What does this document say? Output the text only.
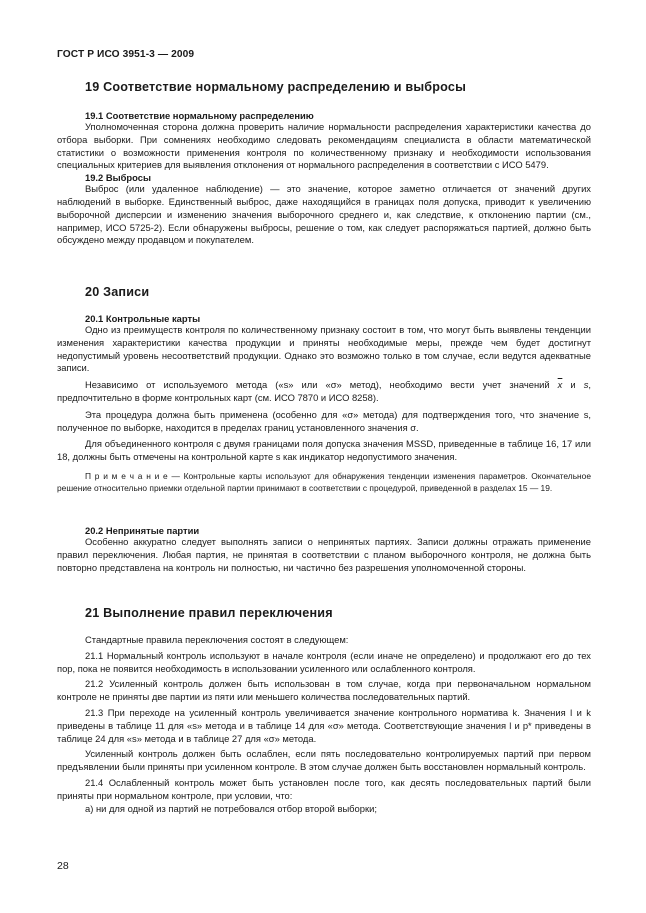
ГОСТ Р ИСО 3951-3 — 2009
19 Соответствие нормальному распределению и выбросы
19.1 Соответствие нормальному распределению

Уполномоченная сторона должна проверить наличие нормальности распределения характеристики качества до отбора выборки. При сомнениях необходимо следовать рекомендациям специалиста в области математической статистики о возможности применения контроля по количественному признаку и необходимости использования специальных критериев для выявления отклонения от нормального распределения в соответствии с ИСО 5479.

19.2 Выбросы

Выброс (или удаленное наблюдение) — это значение, которое заметно отличается от значений других наблюдений в выборке. Единственный выброс, даже находящийся в границах поля допуска, приводит к увеличению выборочной дисперсии и изменению значения выборочного среднего и, как следствие, к отклонению партии (см., например, ИСО 5725-2). Если обнаружены выбросы, решение о том, как следует распоряжаться партией, должно быть обсуждено между продавцом и покупателем.

20 Записи
20.1 Контрольные карты

Одно из преимуществ контроля по количественному признаку состоит в том, что могут быть выявлены тенденции изменения характеристики качества продукции и приняты необходимые меры, прежде чем будет достигнут недопустимый уровень несоответствий продукции. Однако это возможно только в том случае, если ведутся адекватные записи.

Независимо от используемого метода («s» или «σ» метод), необходимо вести учет значений $\overline{x}$ и s, предпочтительно в форме контрольных карт (см. ИСО 7870 и ИСО 8258).

Эта процедура должна быть применена (особенно для «σ» метода) для подтверждения того, что значение s, полученное по выборке, находится в пределах границ установленного значения σ.

Для объединенного контроля с двумя границами поля допуска значения MSSD, приведенные в таблице 16, 17 или 18, должны быть отмечены на контрольной карте s как индикатор недопустимого значения.

П р и м е ч а н и е — Контрольные карты используют для обнаружения тенденции изменения параметров. Окончательное решение относительно приемки отдельной партии принимают в соответствии с процедурой, приведенной в разделах 15 — 19.

20.2 Непринятые партии

Особенно аккуратно следует выполнять записи о непринятых партиях. Записи должны отражать применение правил переключения. Любая партия, не принятая в соответствии с планом выборочного контроля, не должна быть повторно представлена на контроль ни полностью, ни частично без разрешения уполномоченной стороны.

21 Выполнение правил переключения

Стандартные правила переключения состоят в следующем:

21.1 Нормальный контроль используют в начале контроля (если иначе не определено) и продолжают его до тех пор, пока не появится необходимость в использовании усиленного или ослабленного контроля.

21.2 Усиленный контроль должен быть использован в том случае, когда при первоначальном нормальном контроле не приняты две партии из пяти или меньшего количества последовательных партий.

21.3 При переходе на усиленный контроль увеличивается значение контрольного норматива k. Значения l и k приведены в таблице 11 для «s» метода и в таблице 14 для «σ» метода. Соответствующие значения l и p* приведены в таблице 24 для «s» метода и в таблице 27 для «σ» метода.

Усиленный контроль должен быть ослаблен, если пять последовательно контролируемых партий при первом предъявлении были приняты при усиленном контроле. В этом случае должен быть восстановлен нормальный контроль.

21.4 Ослабленный контроль может быть установлен после того, как десять последовательных партий были приняты при нормальном контроле, при условии, что:

а) ни для одной из партий не потребовался отбор второй выборки;

28
